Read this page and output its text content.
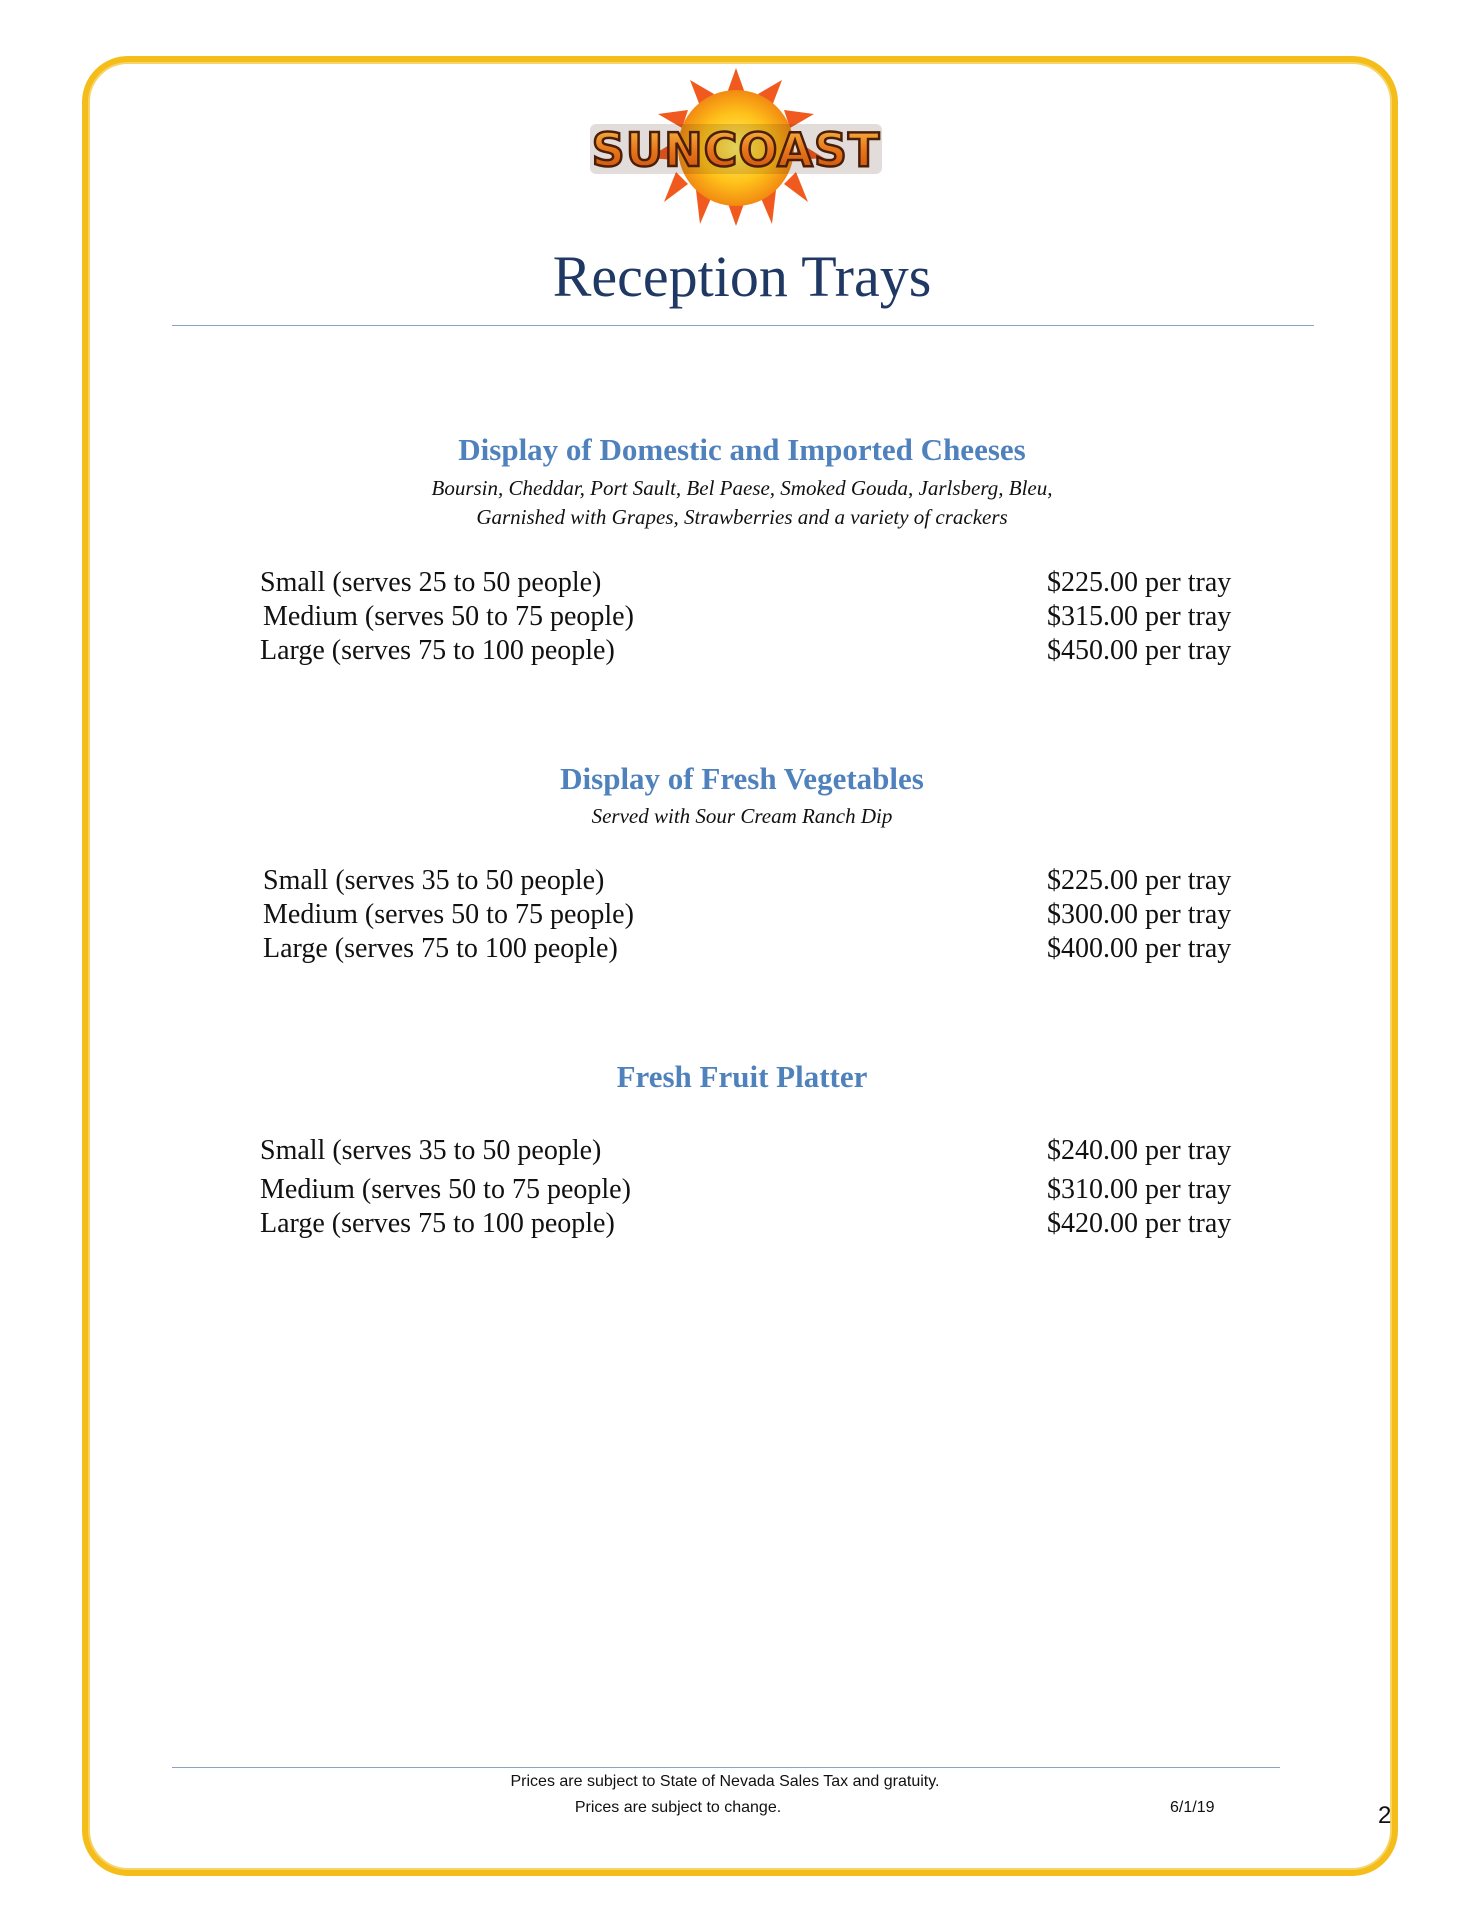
SUNCOAST
Reception Trays
Display of Domestic and Imported Cheeses
Boursin, Cheddar, Port Sault, Bel Paese, Smoked Gouda, Jarlsberg, Bleu,
Garnished with Grapes, Strawberries and a variety of crackers
Small (serves 25 to 50 people)	$225.00 per tray
Medium (serves 50 to 75 people)	$315.00 per tray
Large (serves 75 to 100 people)	$450.00 per tray
Display of Fresh Vegetables
Served with Sour Cream Ranch Dip
Small (serves 35 to 50 people)	$225.00 per tray
Medium (serves 50 to 75 people)	$300.00 per tray
Large (serves 75 to 100 people)	$400.00 per tray
Fresh Fruit Platter
Small (serves 35 to 50 people)	$240.00 per tray
Medium (serves 50 to 75 people)	$310.00 per tray
Large (serves 75 to 100 people)	$420.00 per tray
Prices are subject to State of Nevada Sales Tax and gratuity.
Prices are subject to change.	6/1/19	2
